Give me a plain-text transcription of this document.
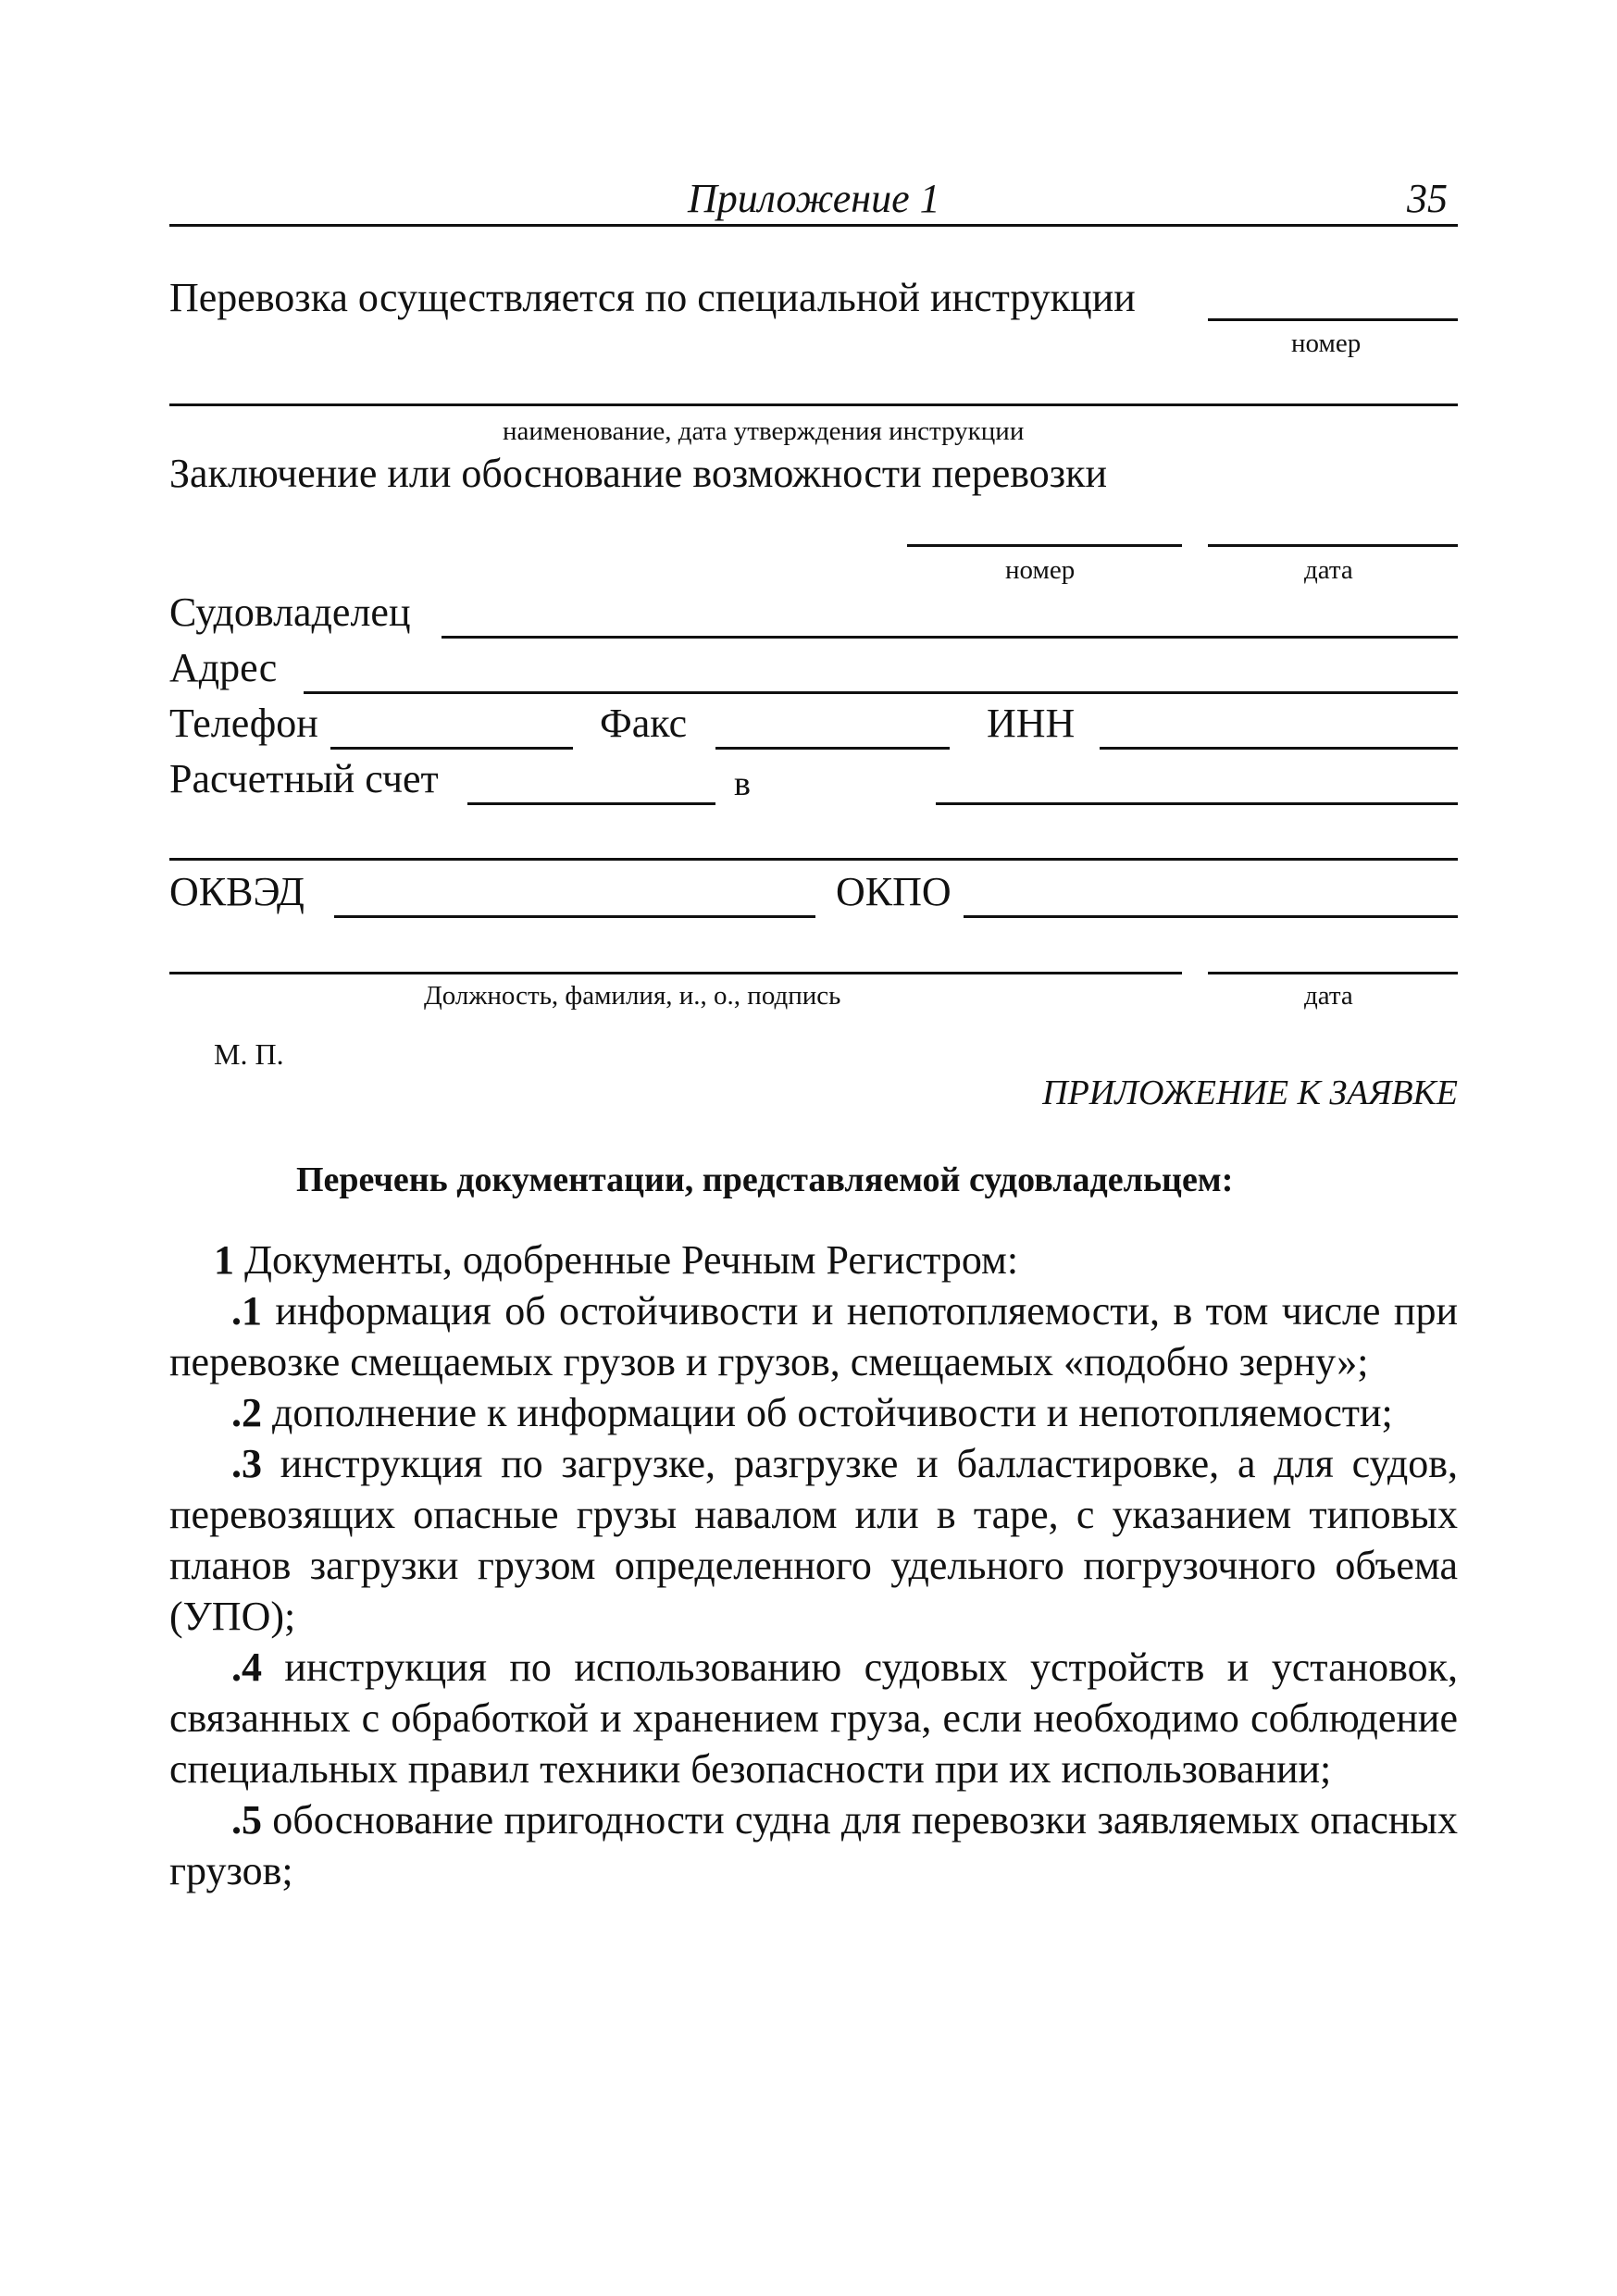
Приложение 1	35
Перевозка осуществляется по специальной инструкции
номер
наименование, дата утверждения инструкции
Заключение или обоснование возможности перевозки
номер	дата
Судовладелец
Адрес
Телефон	Факс	ИНН
Расчетный счет	в
ОКВЭД	ОКПО
Должность, фамилия, и., о., подпись	дата
М. П.
ПРИЛОЖЕНИЕ К ЗАЯВКЕ
Перечень документации, представляемой судовладельцем:

1 Документы, одобренные Речным Регистром:

.1 информация об остойчивости и непотопляемости, в том числе при перевозке смещаемых грузов и грузов, смещаемых «подобно зерну»;

.2 дополнение к информации об остойчивости и непотопляемости;

.3 инструкция по загрузке, разгрузке и балластировке, а для судов, перевозящих опасные грузы навалом или в таре, с указанием типовых планов загрузки грузом определенного удельного погрузочного объема (УПО);

.4 инструкция по использованию судовых устройств и установок, связанных с обработкой и хранением груза, если необходимо соблюдение специальных правил техники безопасности при их использовании;

.5 обоснование пригодности судна для перевозки заявляемых опасных грузов;
